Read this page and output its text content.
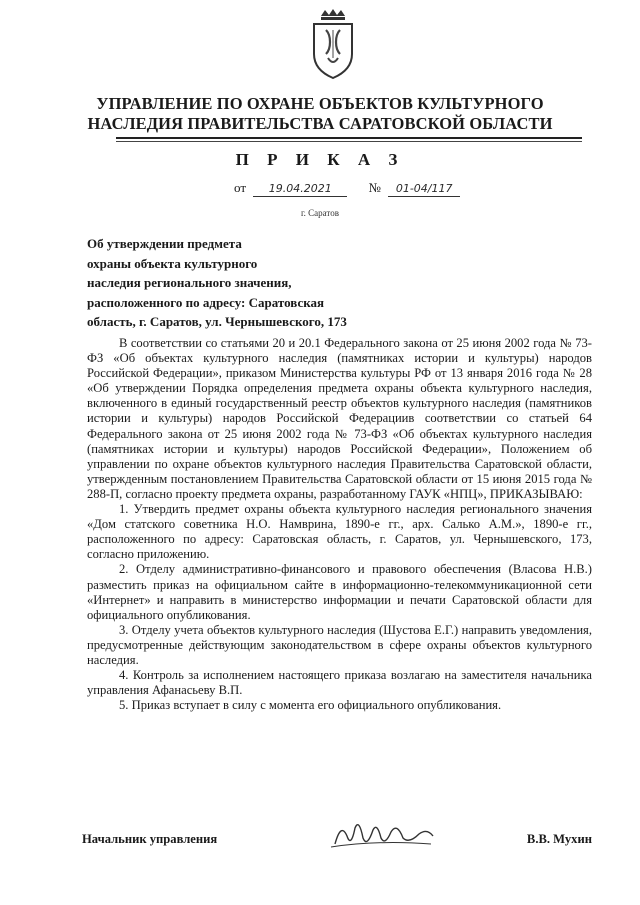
УПРАВЛЕНИЕ ПО ОХРАНЕ ОБЪЕКТОВ КУЛЬТУРНОГО
НАСЛЕДИЯ ПРАВИТЕЛЬСТВА САРАТОВСКОЙ ОБЛАСТИ
П Р И К А З
от 19.04.2021	№ 01-04/117
г. Саратов
Об утверждении предмета
охраны объекта культурного
наследия регионального значения,
расположенного по адресу: Саратовская
область, г. Саратов, ул. Чернышевского, 173

В соответствии со статьями 20 и 20.1 Федерального закона от 25 июня 2002 года № 73-ФЗ «Об объектах культурного наследия (памятниках истории и культуры) народов Российской Федерации», приказом Министерства культуры РФ от 13 января 2016 года № 28 «Об утверждении Порядка определения предмета охраны объекта культурного наследия, включенного в единый государственный реестр объектов культурного наследия (памятников истории и культуры) народов Российской Федерациив соответствии со статьей 64 Федерального закона от 25 июня 2002 года № 73-ФЗ «Об объектах культурного наследия (памятниках истории и культуры) народов Российской Федерации», Положением об управлении по охране объектов культурного наследия Правительства Саратовской области, утвержденным постановлением Правительства Саратовской области от 15 июня 2015 года № 288-П, согласно проекту предмета охраны, разработанному ГАУК «НПЦ», ПРИКАЗЫВАЮ:

1. Утвердить предмет охраны объекта культурного наследия регионального значения «Дом статского советника Н.О. Намврина, 1890-е гг., арх. Салько А.М.», 1890-е гг., расположенного по адресу: Саратовская область, г. Саратов, ул. Чернышевского, 173, согласно приложению.

2. Отделу административно-финансового и правового обеспечения (Власова Н.В.) разместить приказ на официальном сайте в информационно-телекоммуникационной сети «Интернет» и направить в министерство информации и печати Саратовской области для официального опубликования.

3. Отделу учета объектов культурного наследия (Шустова Е.Г.) направить уведомления, предусмотренные действующим законодательством в сфере охраны объектов культурного наследия.

4. Контроль за исполнением настоящего приказа возлагаю на заместителя начальника управления Афанасьеву В.П.

5. Приказ вступает в силу с момента его официального опубликования.

Начальник управления	В.В. Мухин
